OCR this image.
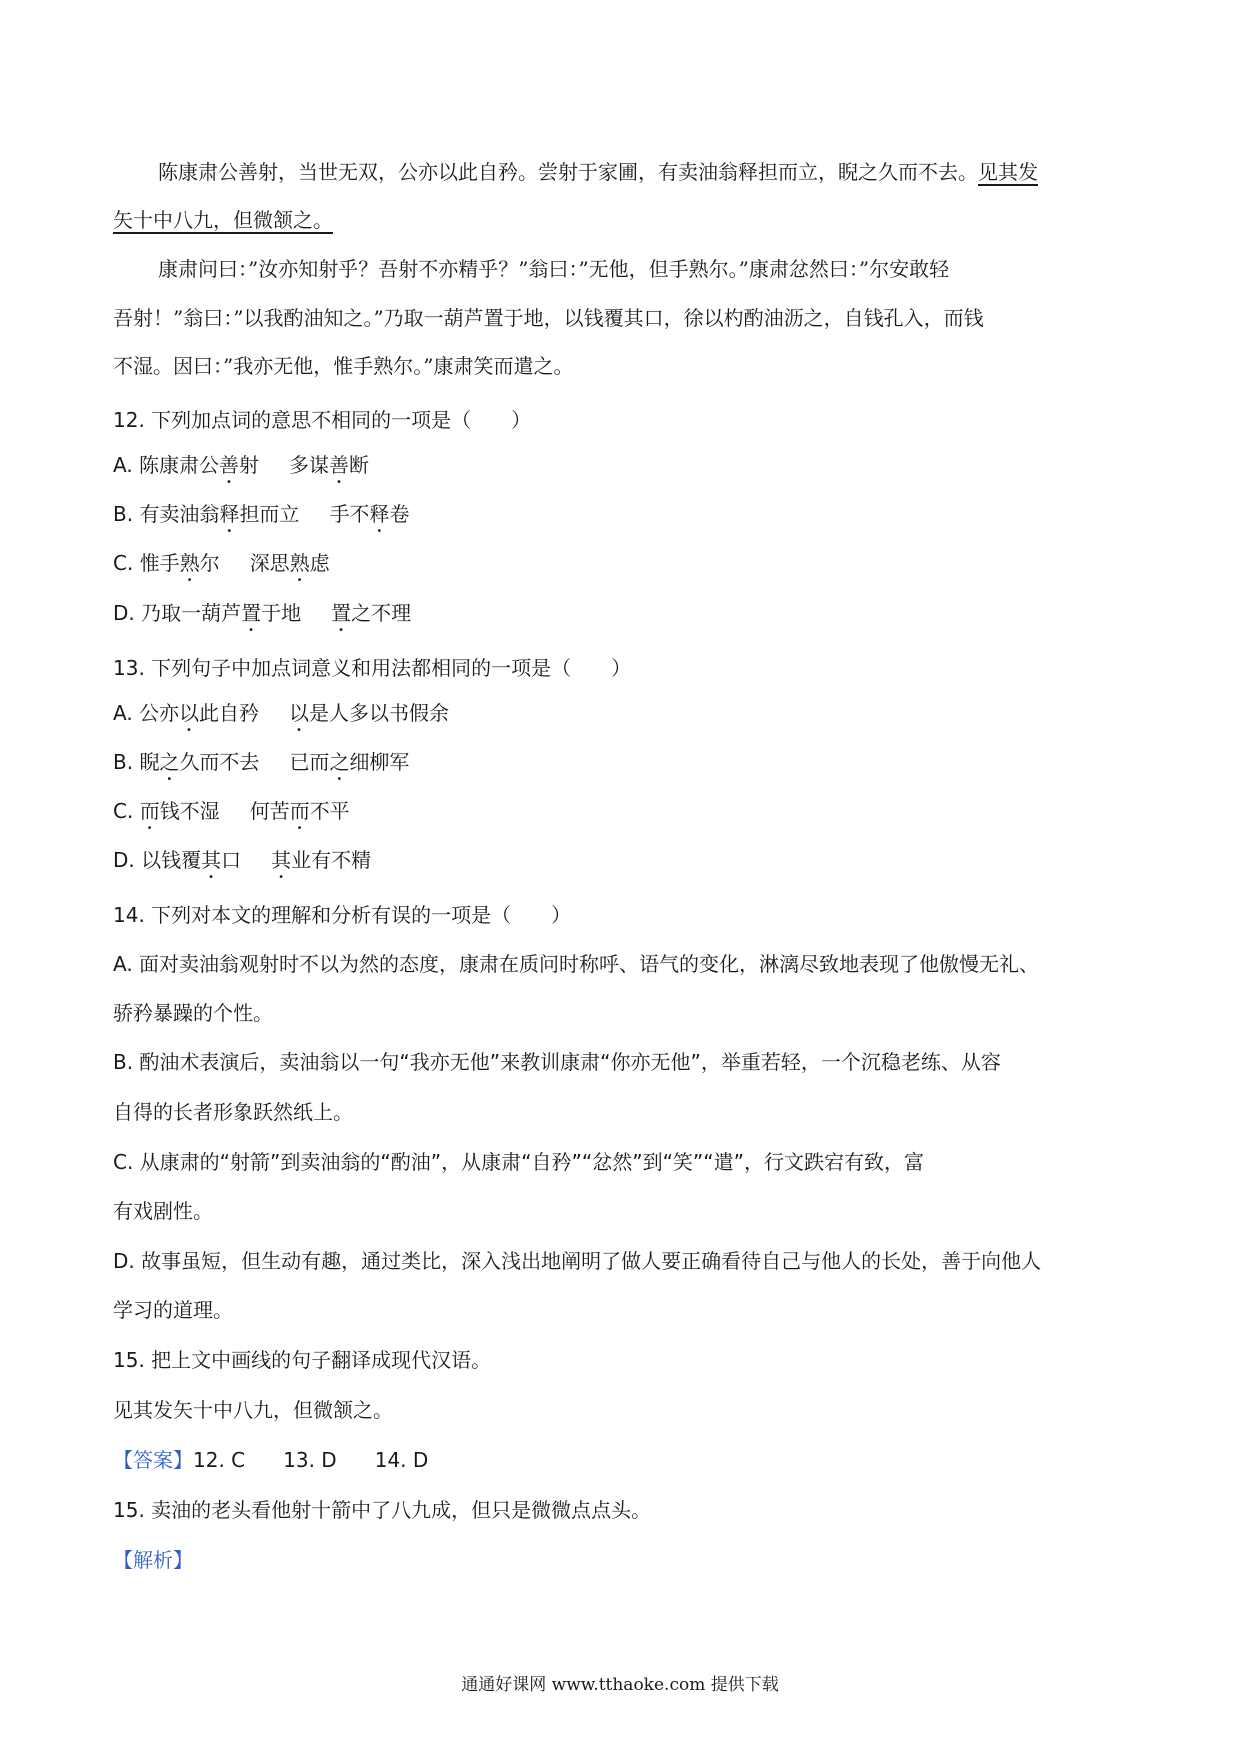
陈康肃公善射，当世无双，公亦以此自矜。尝射于家圃，有卖油翁释担而立，睨之久而不去。见其发
矢十中八九，但微颔之。
康肃问曰：”汝亦知射乎？吾射不亦精乎？”翁曰：”无他，但手熟尔。”康肃忿然曰：”尔安敢轻
吾射！”翁曰：”以我酌油知之。”乃取一葫芦置于地，以钱覆其口，徐以杓酌油沥之，自钱孔入，而钱
不湿。因曰：”我亦无他，惟手熟尔。”康肃笑而遣之。
12. 下列加点词的意思不相同的一项是（　　）
A. 陈康肃公善射 多谋善断
B. 有卖油翁释担而立 手不释卷
C. 惟手熟尔 深思熟虑
D. 乃取一葫芦置于地 置之不理
13. 下列句子中加点词意义和用法都相同的一项是（　　）
A. 公亦以此自矜 以是人多以书假余
B. 睨之久而不去 已而之细柳军
C. 而钱不湿 何苦而不平
D. 以钱覆其口 其业有不精
14. 下列对本文的理解和分析有误的一项是（　　）
A. 面对卖油翁观射时不以为然的态度，康肃在质问时称呼、语气的变化，淋漓尽致地表现了他傲慢无礼、
骄矜暴躁的个性。
B. 酌油术表演后，卖油翁以一句“我亦无他”来教训康肃“你亦无他”，举重若轻，一个沉稳老练、从容
自得的长者形象跃然纸上。
C. 从康肃的“射箭”到卖油翁的“酌油”，从康肃“自矜”“忿然”到“笑”“遣”，行文跌宕有致，富
有戏剧性。
D. 故事虽短，但生动有趣，通过类比，深入浅出地阐明了做人要正确看待自己与他人的长处，善于向他人
学习的道理。
15. 把上文中画线的句子翻译成现代汉语。
见其发矢十中八九，但微颔之。
【答案】12. C 13. D 14. D
15. 卖油的老头看他射十箭中了八九成，但只是微微点点头。
【解析】
通通好课网 www.tthaoke.com 提供下载
